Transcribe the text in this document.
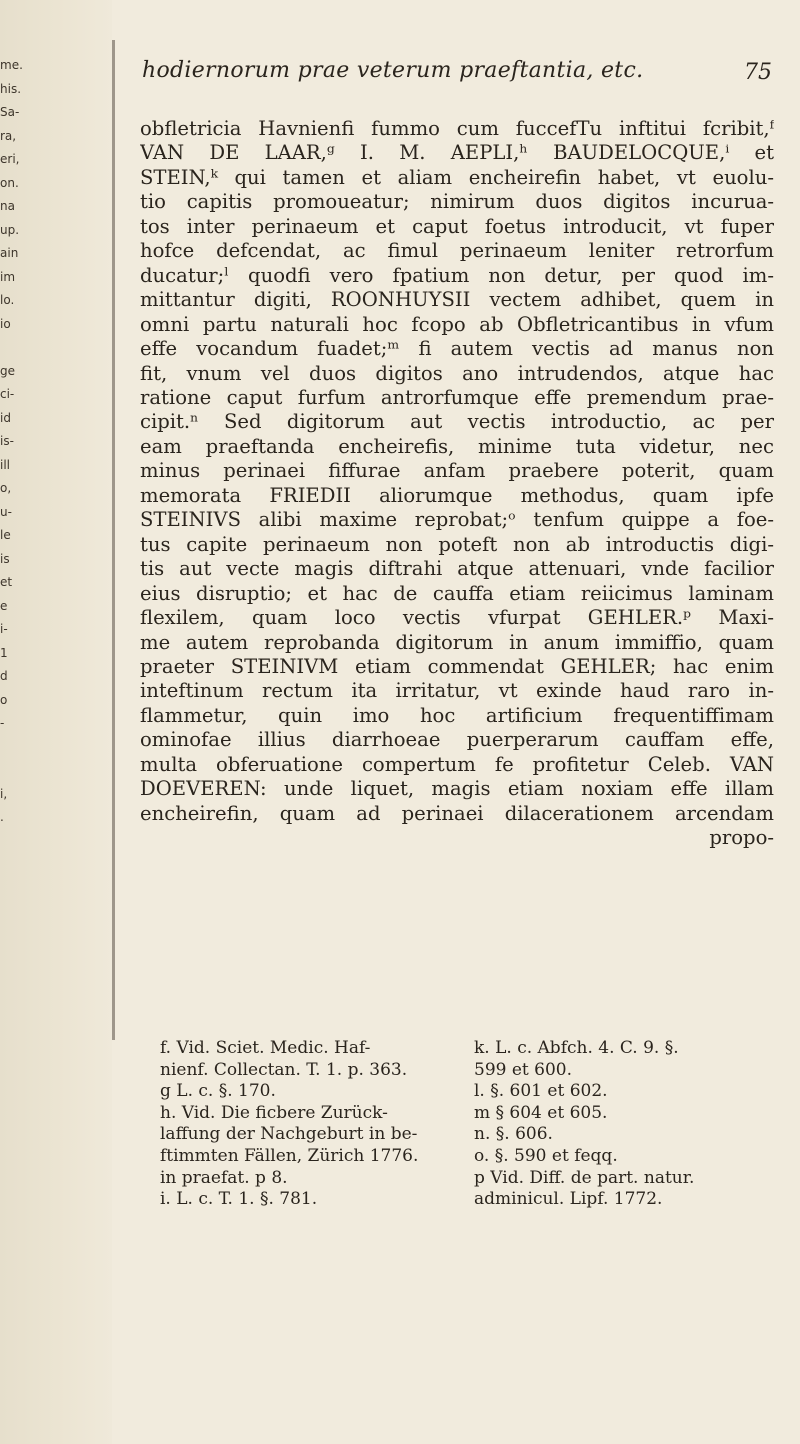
me.
his.
Sa-
ra,
eri,
on.
na
up.
ain
im
lo.
io
ge
ci-
id
is-
ill
o,
u-
le
is
et
e
i-
1
d
o
-
i,
.
hodiernorum prae veterum praeftantia, etc.	75
obfletricia Havnienfi fummo cum fuccefTu inftitui fcribit,ᶠ
VAN DE LAAR,ᵍ I. M. AEPLI,ʰ BAUDELOCQUE,ⁱ et
STEIN,ᵏ qui tamen et aliam encheirefin habet, vt euolu-
tio capitis promoueatur; nimirum duos digitos incurua-
tos inter perinaeum et caput foetus introducit, vt fuper
hofce defcendat, ac fimul perinaeum leniter retrorfum
ducatur;ˡ quodfi vero fpatium non detur, per quod im-
mittantur digiti, ROONHUYSII vectem adhibet, quem in
omni partu naturali hoc fcopo ab Obfletricantibus in vfum
effe vocandum fuadet;ᵐ fi autem vectis ad manus non
fit, vnum vel duos digitos ano intrudendos, atque hac
ratione caput furfum antrorfumque effe premendum prae-
cipit.ⁿ Sed digitorum aut vectis introductio, ac per
eam praeftanda encheirefis, minime tuta videtur, nec
minus perinaei fiffurae anfam praebere poterit, quam
memorata FRIEDII aliorumque methodus, quam ipfe
STEINIVS alibi maxime reprobat;ᵒ tenfum quippe a foe-
tus capite perinaeum non poteft non ab introductis digi-
tis aut vecte magis diftrahi atque attenuari, vnde facilior
eius disruptio; et hac de cauffa etiam reiicimus laminam
flexilem, quam loco vectis vfurpat GEHLER.ᵖ Maxi-
me autem reprobanda digitorum in anum immiffio, quam
praeter STEINIVM etiam commendat GEHLER; hac enim
inteftinum rectum ita irritatur, vt exinde haud raro in-
flammetur, quin imo hoc artificium frequentiffimam
ominofae illius diarrhoeae puerperarum cauffam effe,
multa obferuatione compertum fe profitetur Celeb. VAN
DOEVEREN: unde liquet, magis etiam noxiam effe illam
encheirefin, quam ad perinaei dilacerationem arcendam
propo-
f. Vid. Sciet. Medic. Haf-
nienf. Collectan. T. 1. p. 363.
g L. c. §. 170.
h. Vid. Die ficbere Zurück-
laffung der Nachgeburt in be-
ftimmten Fällen, Zürich 1776.
in praefat. p 8.
i. L. c. T. 1. §. 781.
k. L. c. Abfch. 4. C. 9. §.
599 et 600.
l. §. 601 et 602.
m § 604 et 605.
n. §. 606.
o. §. 590 et feqq.
p Vid. Diff. de part. natur.
adminicul. Lipf. 1772.
